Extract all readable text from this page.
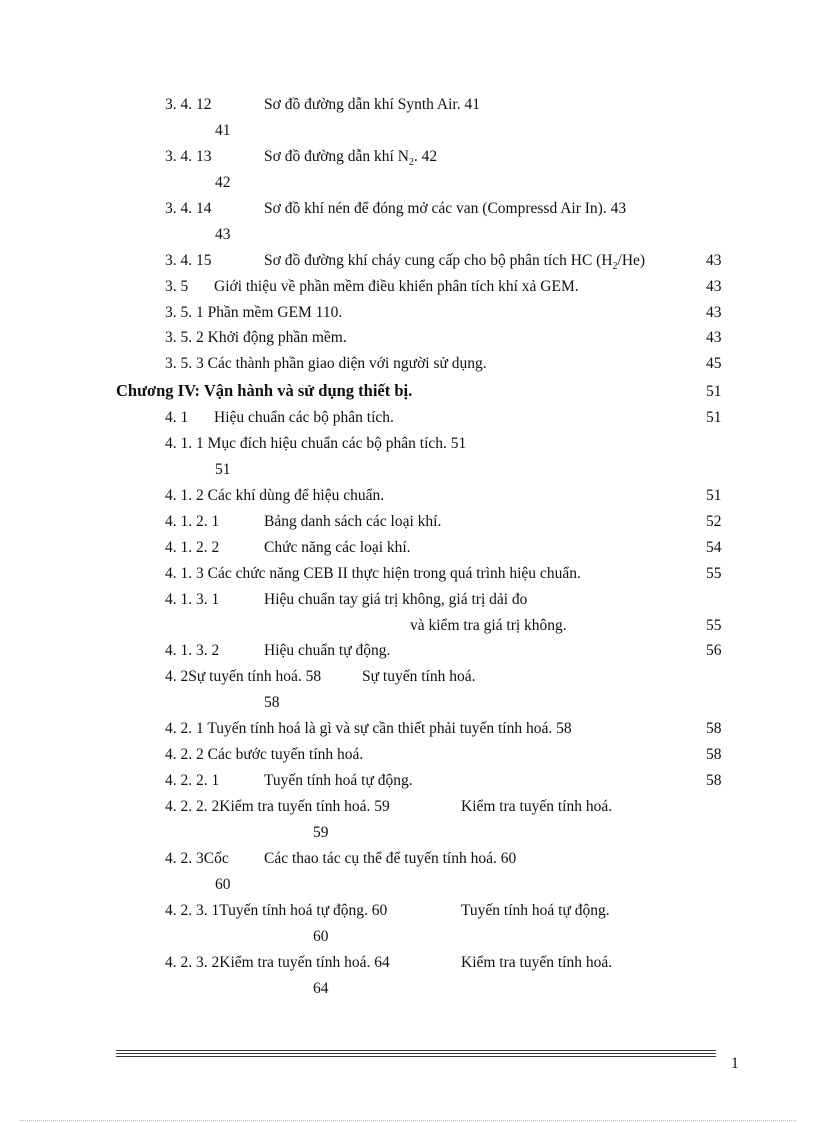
3. 4. 12	Sơ đồ đường dẫn khí Synth Air. 41
41
3. 4. 13	Sơ đồ đường dẫn khí $N_2$. 42
42
3. 4. 14	Sơ đồ khí nén để đóng mở các van (Compressd Air In). 43
43
3. 4. 15	Sơ đồ đường khí cháy cung cấp cho bộ phân tích HC $(H_2/He)$	43
3. 5 Giới thiệu về phần mềm điều khiển phân tích khí xả GEM.	43
3. 5. 1 Phần mềm GEM 110.	43
3. 5. 2 Khởi động phần mềm.	43
3. 5. 3 Các thành phần giao diện với người sử dụng.	45
Chương IV: Vận hành và sử dụng thiết bị.	51
4. 1 Hiệu chuẩn các bộ phân tích.	51
4. 1. 1 Mục đích hiệu chuẩn các bộ phân tích. 51
51
4. 1. 2 Các khí dùng để hiệu chuẩn.	51
4. 1. 2. 1	Bảng danh sách các loại khí.	52
4. 1. 2. 2	Chức năng các loại khí.	54
4. 1. 3 Các chức năng CEB II thực hiện trong quá trình hiệu chuẩn.	55
4. 1. 3. 1	Hiệu chuẩn tay giá trị không, giá trị dải đo
và kiểm tra giá trị không.	55
4. 1. 3. 2	Hiệu chuẩn tự động.	56
4. 2Sự tuyến tính hoá. 58	Sự tuyến tính hoá.
58
4. 2. 1 Tuyến tính hoá là gì và sự cần thiết phải tuyến tính hoá. 58	58
4. 2. 2 Các bước tuyến tính hoá.	58
4. 2. 2. 1	Tuyến tính hoá tự động.	58
4. 2. 2. 2Kiểm tra tuyến tính hoá. 59	Kiểm tra tuyến tính hoá.
59
4. 2. 3Cốc Các thao tác cụ thể để tuyến tính hoá. 60
60
4. 2. 3. 1Tuyến tính hoá tự động. 60	Tuyến tính hoá tự động.
60
4. 2. 3. 2Kiểm tra tuyến tính hoá. 64	Kiểm tra tuyến tính hoá.
64
1
